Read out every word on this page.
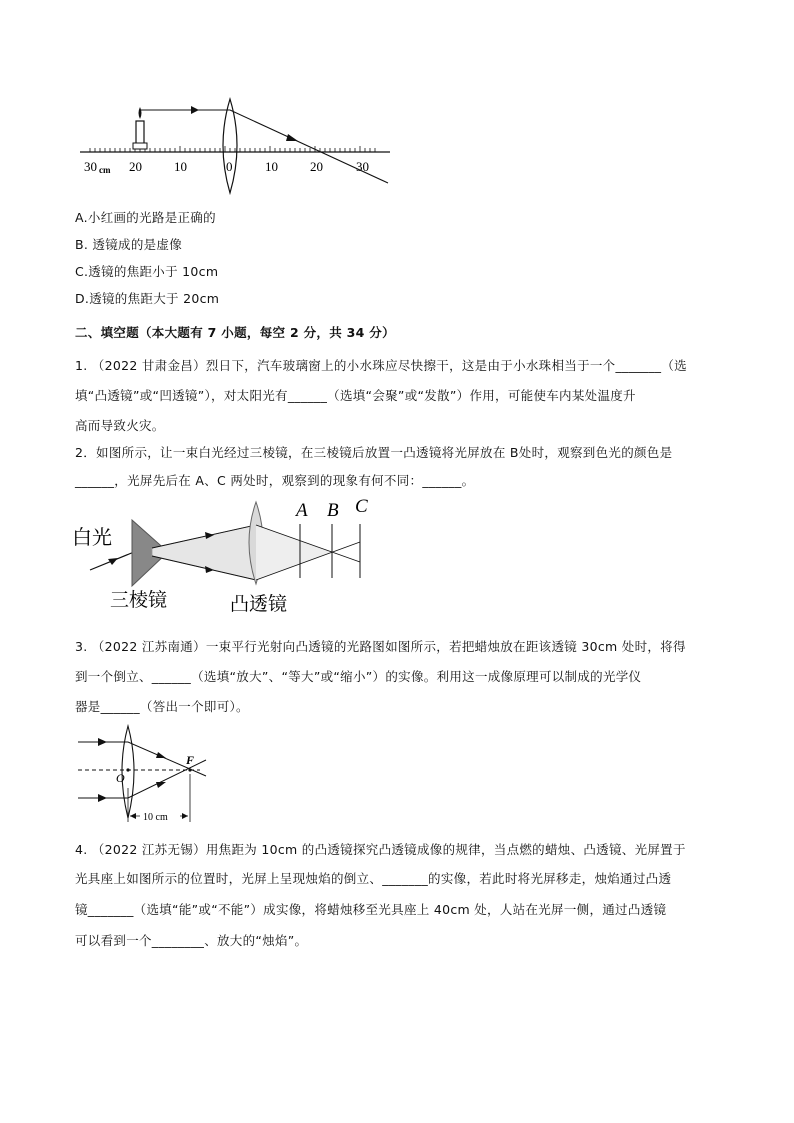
30 cm 20 10	0	10 20	30
A.小红画的光路是正确的
B. 透镜成的是虚像
C.透镜的焦距小于 10cm
D.透镜的焦距大于 20cm
二、填空题（本大题有 7 小题，每空 2 分，共 34 分）
1. （2022 甘肃金昌）烈日下，汽车玻璃窗上的小水珠应尽快擦干，这是由于小水珠相当于一个_______（选
填“凸透镜”或“凹透镜”），对太阳光有______（选填“会聚”或“发散”）作用，可能使车内某处温度升
高而导致火灾。
2．如图所示，让一束白光经过三棱镜，在三棱镜后放置一凸透镜将光屏放在 B处时，观察到色光的颜色是
______，光屏先后在 A、C 两处时，观察到的现象有何不同：______。
白光
A B C
三棱镜	凸透镜
3. （2022 江苏南通）一束平行光射向凸透镜的光路图如图所示，若把蜡烛放在距该透镜 30cm 处时，将得
到一个倒立、______（选填“放大”、“等大”或“缩小”）的实像。利用这一成像原理可以制成的光学仪
器是______（答出一个即可）。
O
F
10 cm
4. （2022 江苏无锡）用焦距为 10cm 的凸透镜探究凸透镜成像的规律，当点燃的蜡烛、凸透镜、光屏置于
光具座上如图所示的位置时，光屏上呈现烛焰的倒立、_______的实像，若此时将光屏移走，烛焰通过凸透
镜_______（选填“能”或“不能”）成实像，将蜡烛移至光具座上 40cm 处，人站在光屏一侧，通过凸透镜
可以看到一个________、放大的“烛焰”。
